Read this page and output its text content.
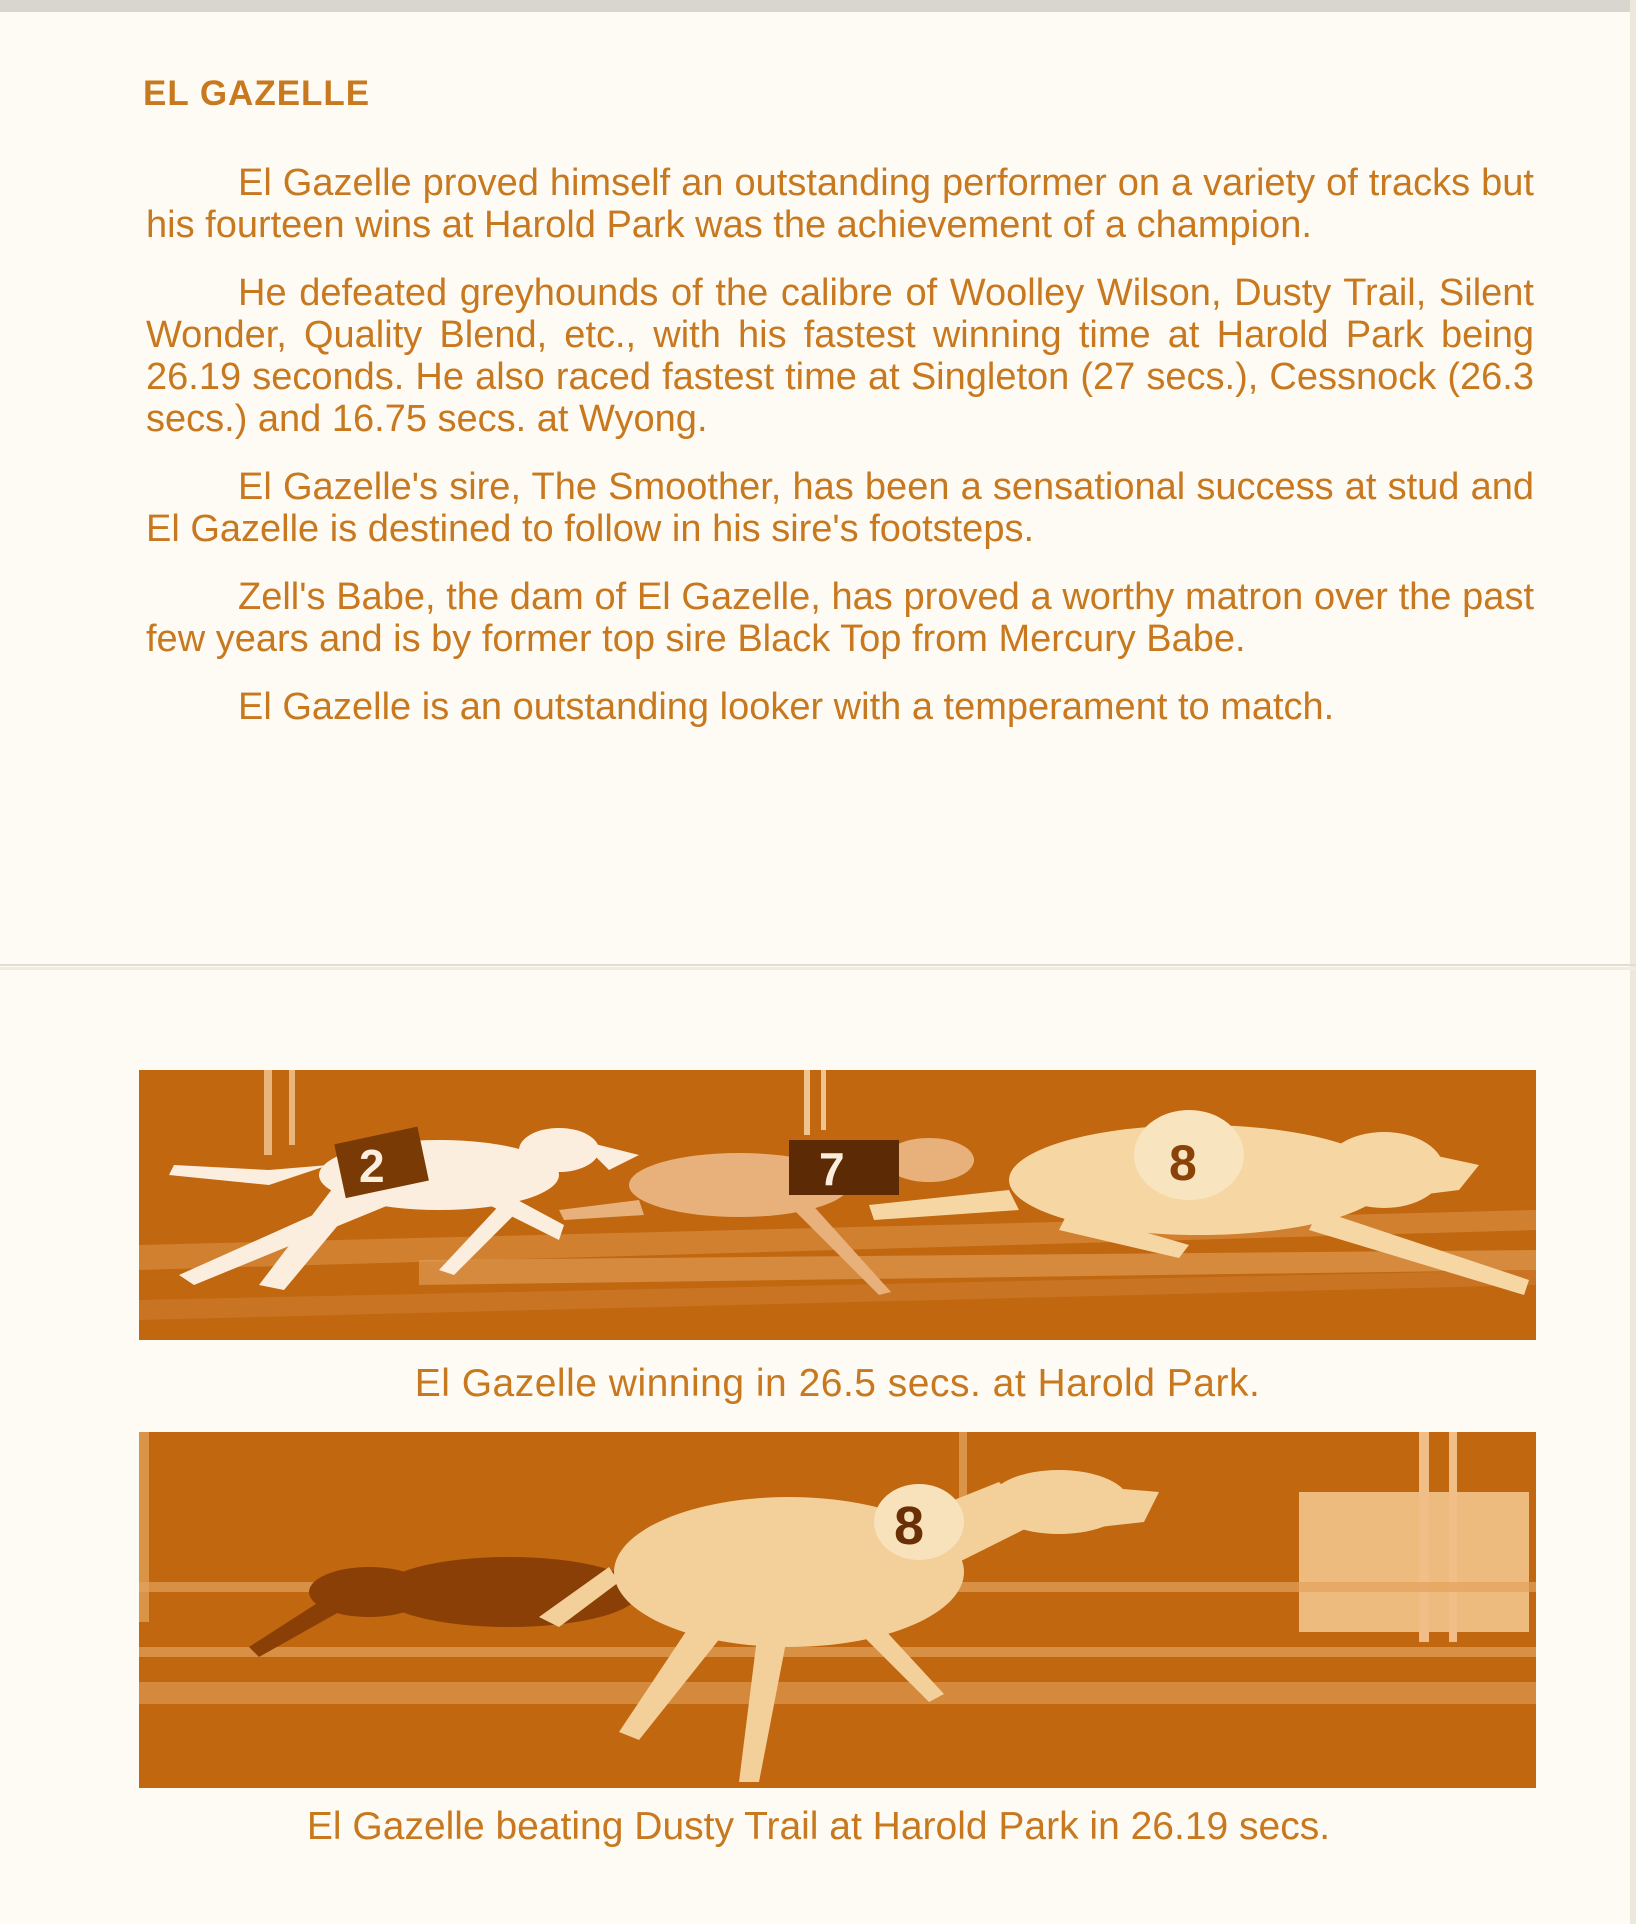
EL GAZELLE

El Gazelle proved himself an outstanding performer on a variety of tracks but his fourteen wins at Harold Park was the achievement of a champion.

He defeated greyhounds of the calibre of Woolley Wilson, Dusty Trail, Silent Wonder, Quality Blend, etc., with his fastest winning time at Harold Park being 26.19 seconds. He also raced fastest time at Singleton (27 secs.), Cessnock (26.3 secs.) and 16.75 secs. at Wyong.

El Gazelle's sire, The Smoother, has been a sensational success at stud and El Gazelle is destined to follow in his sire's footsteps.

Zell's Babe, the dam of El Gazelle, has proved a worthy matron over the past few years and is by former top sire Black Top from Mercury Babe.

El Gazelle is an outstanding looker with a temperament to match.

2	7	8

El Gazelle winning in 26.5 secs. at Harold Park.

8

El Gazelle beating Dusty Trail at Harold Park in 26.19 secs.
